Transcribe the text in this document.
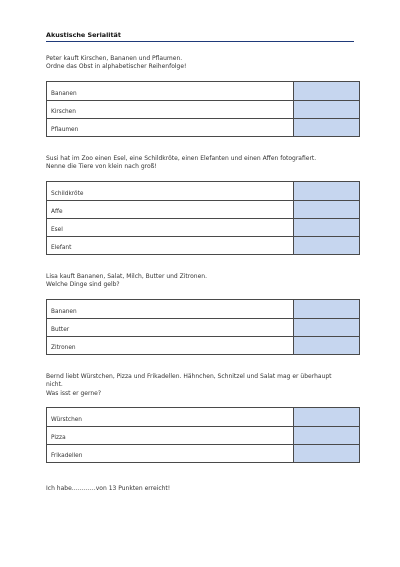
Akustische Serialität
Peter kauft Kirschen, Bananen und Pflaumen.
Ordne das Obst in alphabetischer Reihenfolge!
Bananen
Kirschen
Pflaumen
Susi hat im Zoo einen Esel, eine Schildkröte, einen Elefanten und einen Affen fotografiert.
Nenne die Tiere von klein nach groß!
Schildkröte
Affe
Esel
Elefant
Lisa kauft Bananen, Salat, Milch, Butter und Zitronen.
Welche Dinge sind gelb?
Bananen
Butter
Zitronen
Bernd liebt Würstchen, Pizza und Frikadellen. Hähnchen, Schnitzel und Salat mag er überhaupt
nicht.
Was isst er gerne?
Würstchen
Pizza
Frikadellen
Ich habe…………von 13 Punkten erreicht!
